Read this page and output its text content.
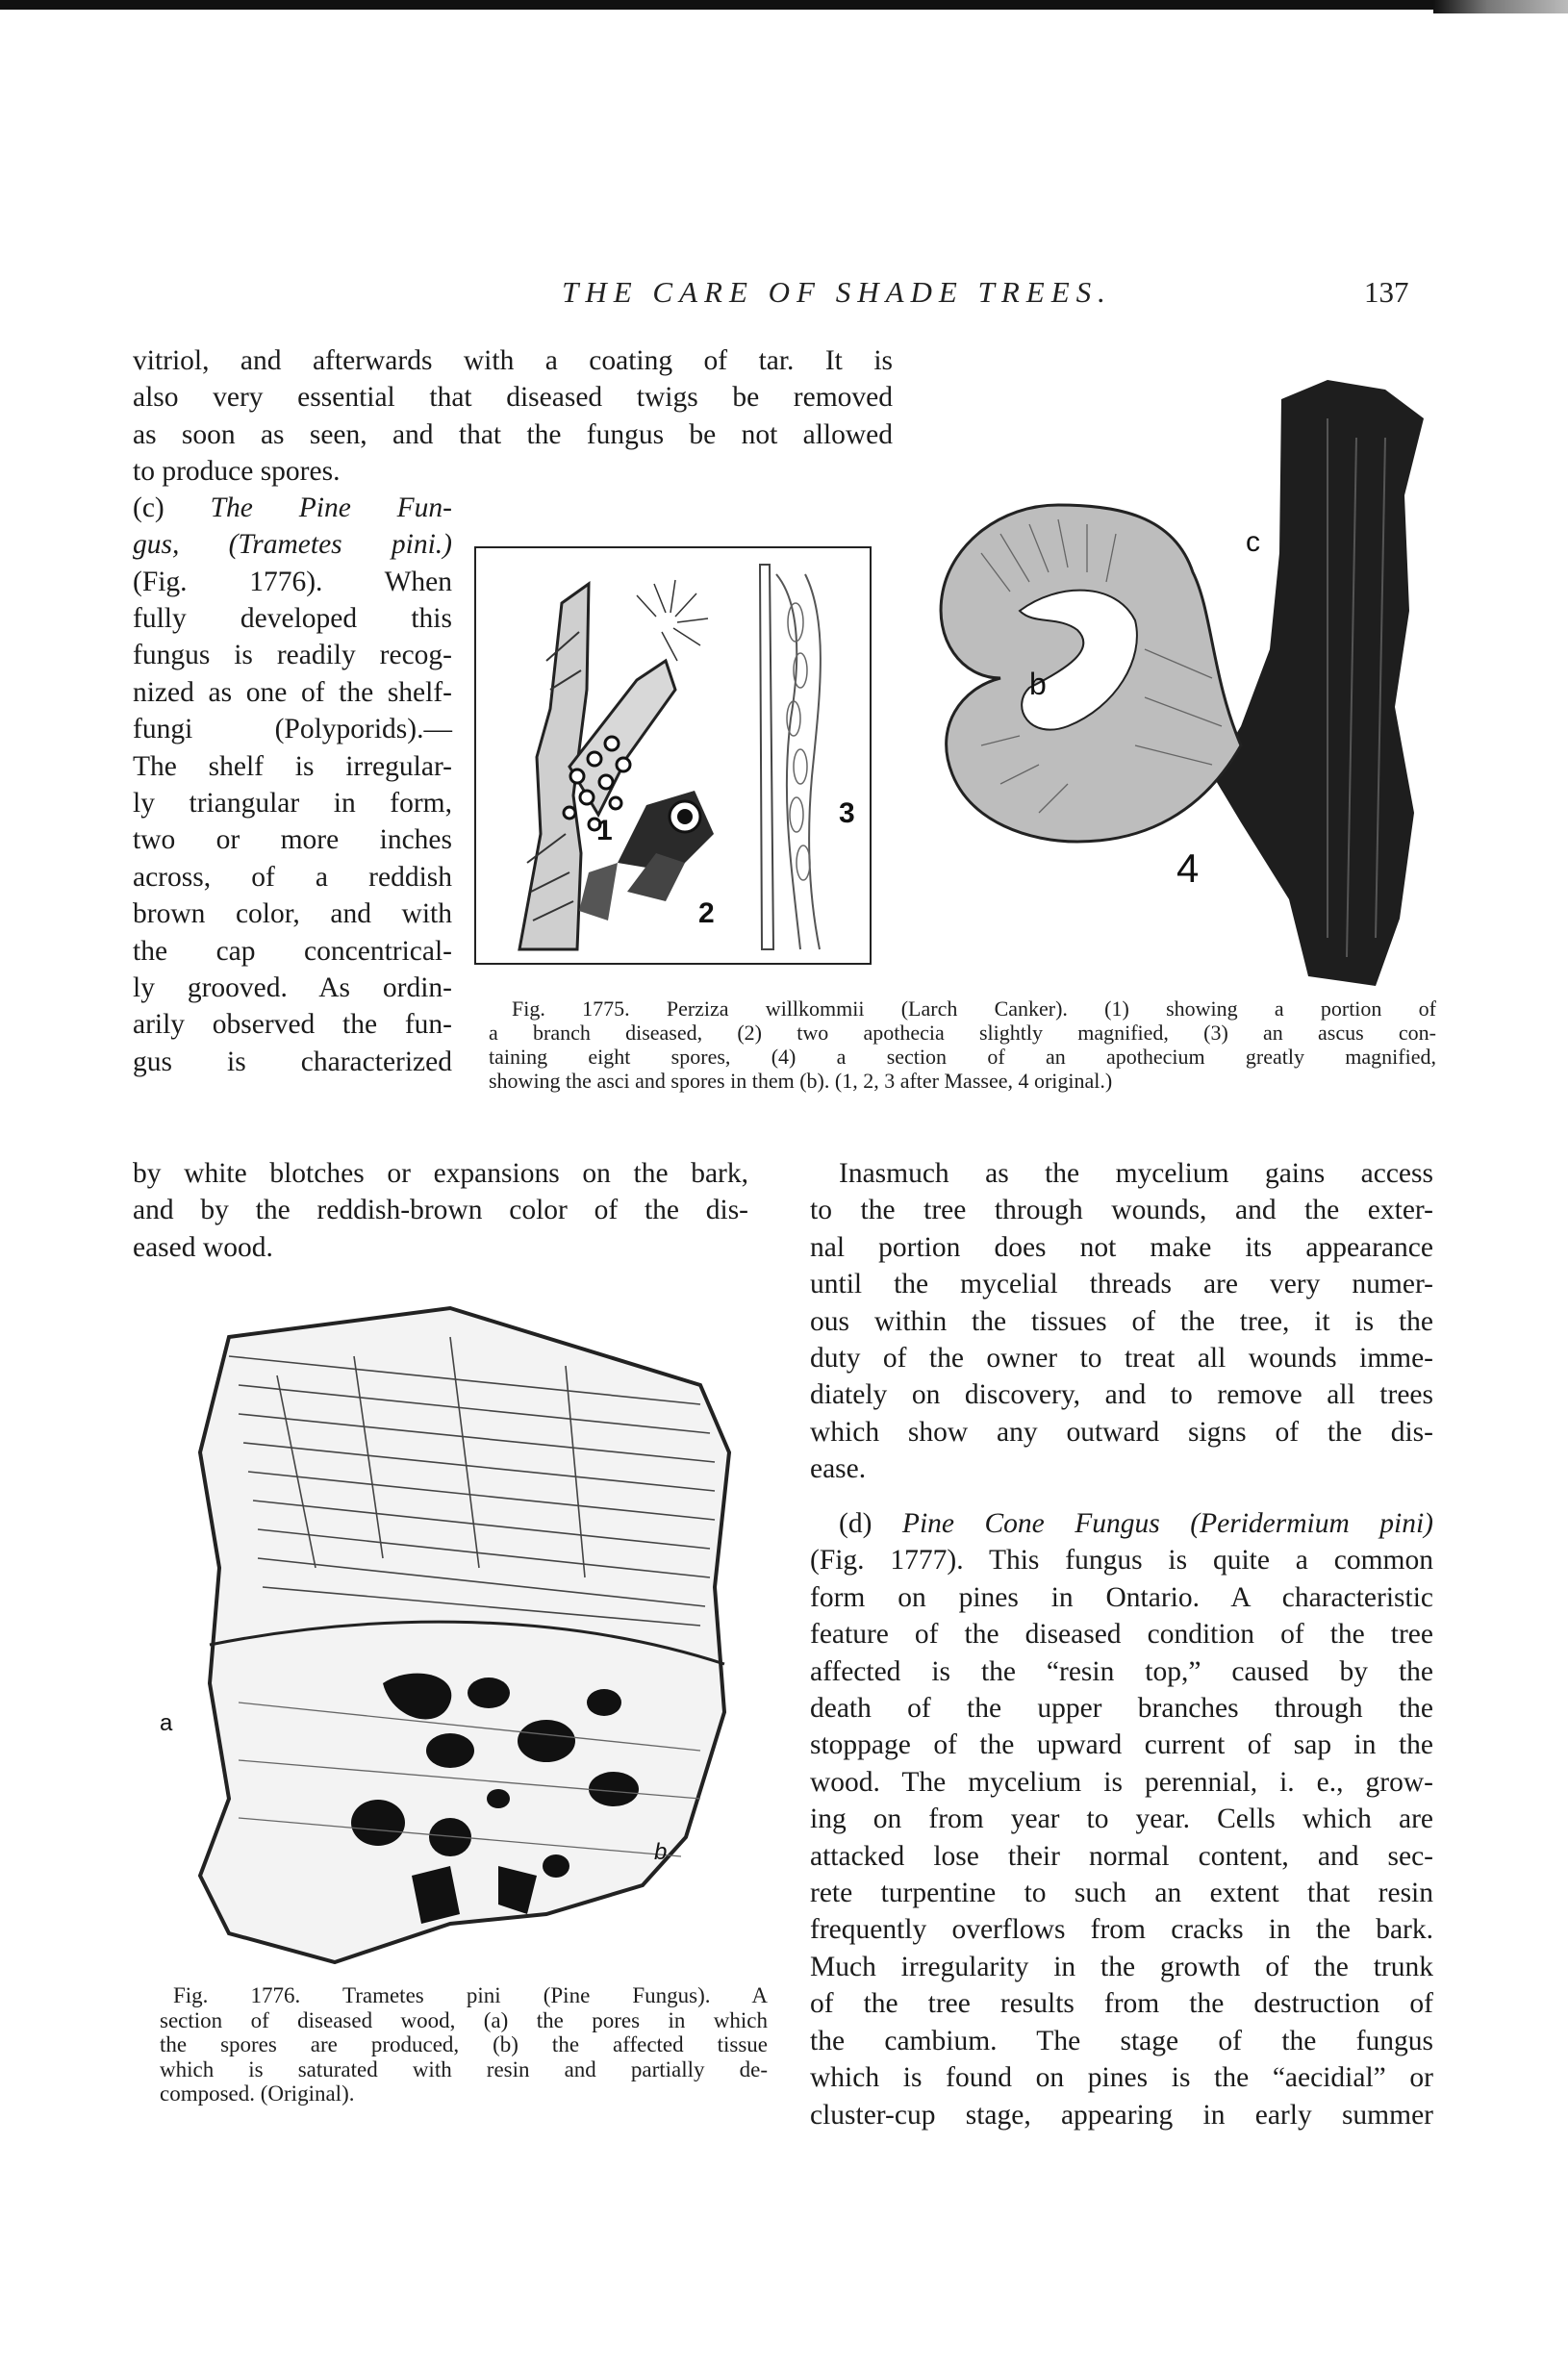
THE CARE OF SHADE TREES.	137
vitriol, and afterwards with a coating of tar. It is
also very essential that diseased twigs be removed
as soon as seen, and that the fungus be not allowed
to produce spores.
(c) The Pine Fun-
gus, (Trametes pini.)
(Fig. 1776). When
fully developed this
fungus is readily recog-
nized as one of the shelf-
fungi (Polyporids).—
The shelf is irregular-
ly triangular in form,
two or more inches
across, of a reddish
brown color, and with
the cap concentrical-
ly grooved. As ordin-
arily observed the fun-
gus is characterized
by white blotches or expansions on the bark,
and by the reddish-brown color of the dis-
eased wood.
1
2
3
c
b
4
Fig. 1775. Perziza willkommii (Larch Canker). (1) showing a portion of
a branch diseased, (2) two apothecia slightly magnified, (3) an ascus con-
taining eight spores, (4) a section of an apothecium greatly magnified,
showing the asci and spores in them (b). (1, 2, 3 after Massee, 4 original.)
a
b
Fig. 1776. Trametes pini (Pine Fungus). A
section of diseased wood, (a) the pores in which
the spores are produced, (b) the affected tissue
which is saturated with resin and partially de-
composed. (Original).
Inasmuch as the mycelium gains access
to the tree through wounds, and the exter-
nal portion does not make its appearance
until the mycelial threads are very numer-
ous within the tissues of the tree, it is the
duty of the owner to treat all wounds imme-
diately on discovery, and to remove all trees
which show any outward signs of the dis-
ease.
(d) Pine Cone Fungus (Peridermium pini)
(Fig. 1777). This fungus is quite a common
form on pines in Ontario. A characteristic
feature of the diseased condition of the tree
affected is the “resin top,” caused by the
death of the upper branches through the
stoppage of the upward current of sap in the
wood. The mycelium is perennial, i. e., grow-
ing on from year to year. Cells which are
attacked lose their normal content, and sec-
rete turpentine to such an extent that resin
frequently overflows from cracks in the bark.
Much irregularity in the growth of the trunk
of the tree results from the destruction of
the cambium. The stage of the fungus
which is found on pines is the “aecidial” or
cluster-cup stage, appearing in early summer
